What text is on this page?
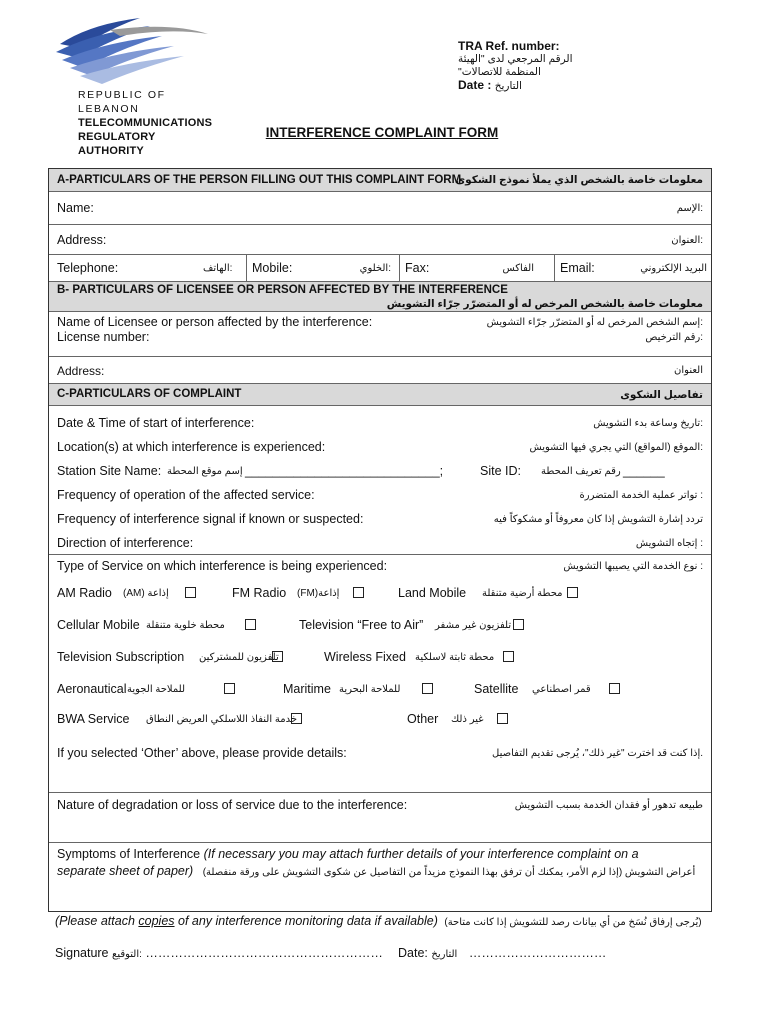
REPUBLIC OF LEBANON
TELECOMMUNICATIONS
REGULATORY AUTHORITY
TRA Ref. number:
الرقم المرجعي لدى "الهيئة
المنظمة للاتصالات"
Date : التاريخ
INTERFERENCE COMPLAINT FORM
A-PARTICULARS OF THE PERSON FILLING OUT THIS COMPLAINT FORM
معلومات خاصة بالشخص الذي يملأ نموذج الشكوى
Name:	:الإسم
Address:	:العنوان
Telephone:	:الهاتف Mobile:	:الخلوي Fax:	الفاكس Email:	البريد الإلكتروني
B- PARTICULARS OF LICENSEE OR PERSON AFFECTED BY THE INTERFERENCE
معلومات خاصة بالشخص المرخص له أو المتضرّر جرّاء التشويش
Name of Licensee or person affected by the interference:	:إسم الشخص المرخص له أو المتضرّر جرّاء التشويش
License number:	:رقم الترخيص
Address:	العنوان
C-PARTICULARS OF COMPLAINT	تفاصيل الشكوى
Date & Time of start of interference:	:تاريخ وساعة بدء التشويش
Location(s) at which interference is experienced:	:الموقع (المواقع) التي يجري فيها التشويش
Station Site Name: إسم موقع المحطة ____________________________;	Site ID: رقم تعريف المحطة ______
Frequency of operation of the affected service:	: تواتر عملية الخدمة المتضررة
Frequency of interference signal if known or suspected:	تردد إشارة التشويش إذا كان معروفاً أو مشكوكاً فيه
Direction of interference:	: إتجاه التشويش
Type of Service on which interference is being experienced:	: نوع الخدمة التي يصيبها التشويش
AM Radio إذاعة (AM)	FM Radio إذاعة(FM)	Land Mobile محطة أرضية متنقلة
Cellular Mobile محطة خلوية متنقلة	Television “Free to Air” تلفزيون غير مشفر
Television Subscription تلفزيون للمشتركين	Wireless Fixed محطة ثابتة لاسلكية
Aeronautical للملاحة الجوية	Maritime للملاحة البحرية	Satellite قمر اصطناعي
BWA Service خدمة النفاذ اللاسلكي العريض النطاق	Other غير ذلك
If you selected ‘Other’ above, please provide details:	.إذا كنت قد اخترت "غير ذلك"، يُرجى تقديم التفاصيل
Nature of degradation or loss of service due to the interference:	طبيعه تدهور أو فقدان الخدمة بسبب التشويش
Symptoms of Interference (If necessary you may attach further details of your interference complaint on a
separate sheet of paper) أعراض التشويش (إذا لزم الأمر، يمكنك أن ترفق بهذا النموذج مزيداً من التفاصيل عن شكوى التشويش على ورقة منفصلة)
(Please attach copies of any interference monitoring data if available) (يُرجى إرفاق نُسَخ من أي بيانات رصد للتشويش إذا كانت متاحة)
Signature :التوقيع ………………………………………………… Date: التاريخ ……………………………
